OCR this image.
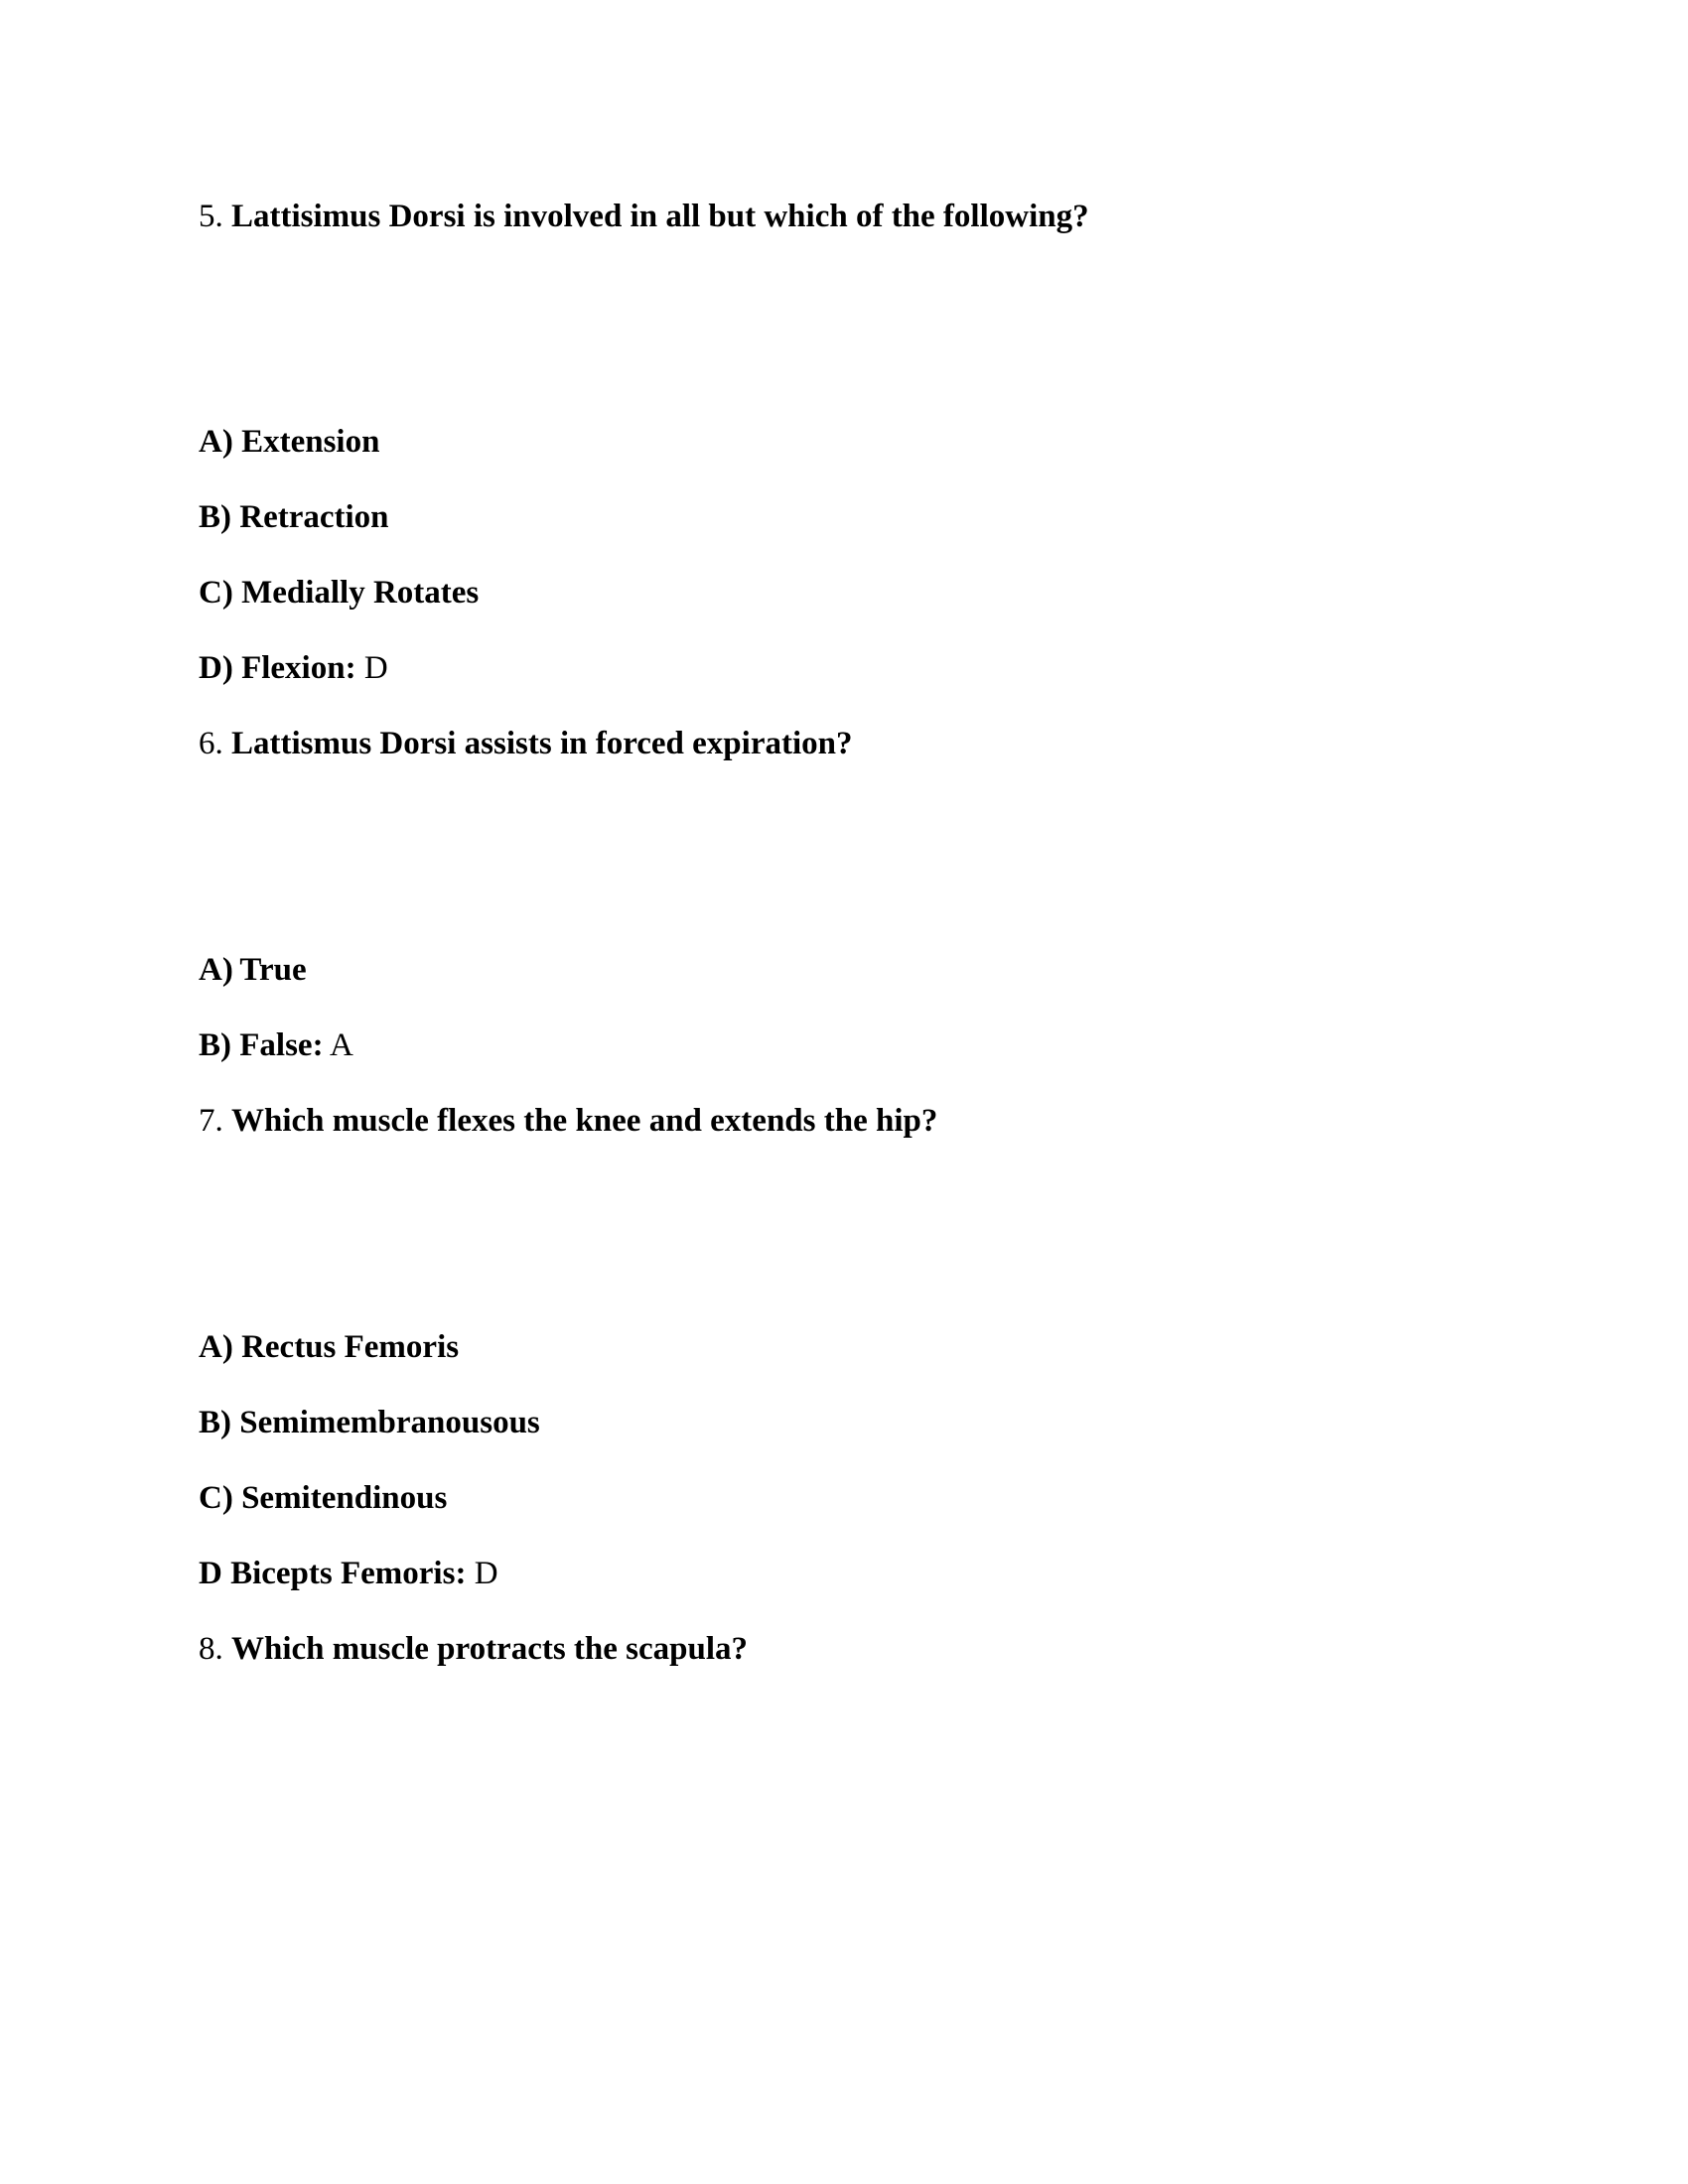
5. Lattisimus Dorsi is involved in all but which of the following?
A) Extension
B) Retraction
C) Medially Rotates
D) Flexion: D
6. Lattismus Dorsi assists in forced expiration?
A) True
B) False: A
7. Which muscle flexes the knee and extends the hip?
A) Rectus Femoris
B) Semimembranousous
C) Semitendinous
D Bicepts Femoris: D
8. Which muscle protracts the scapula?
